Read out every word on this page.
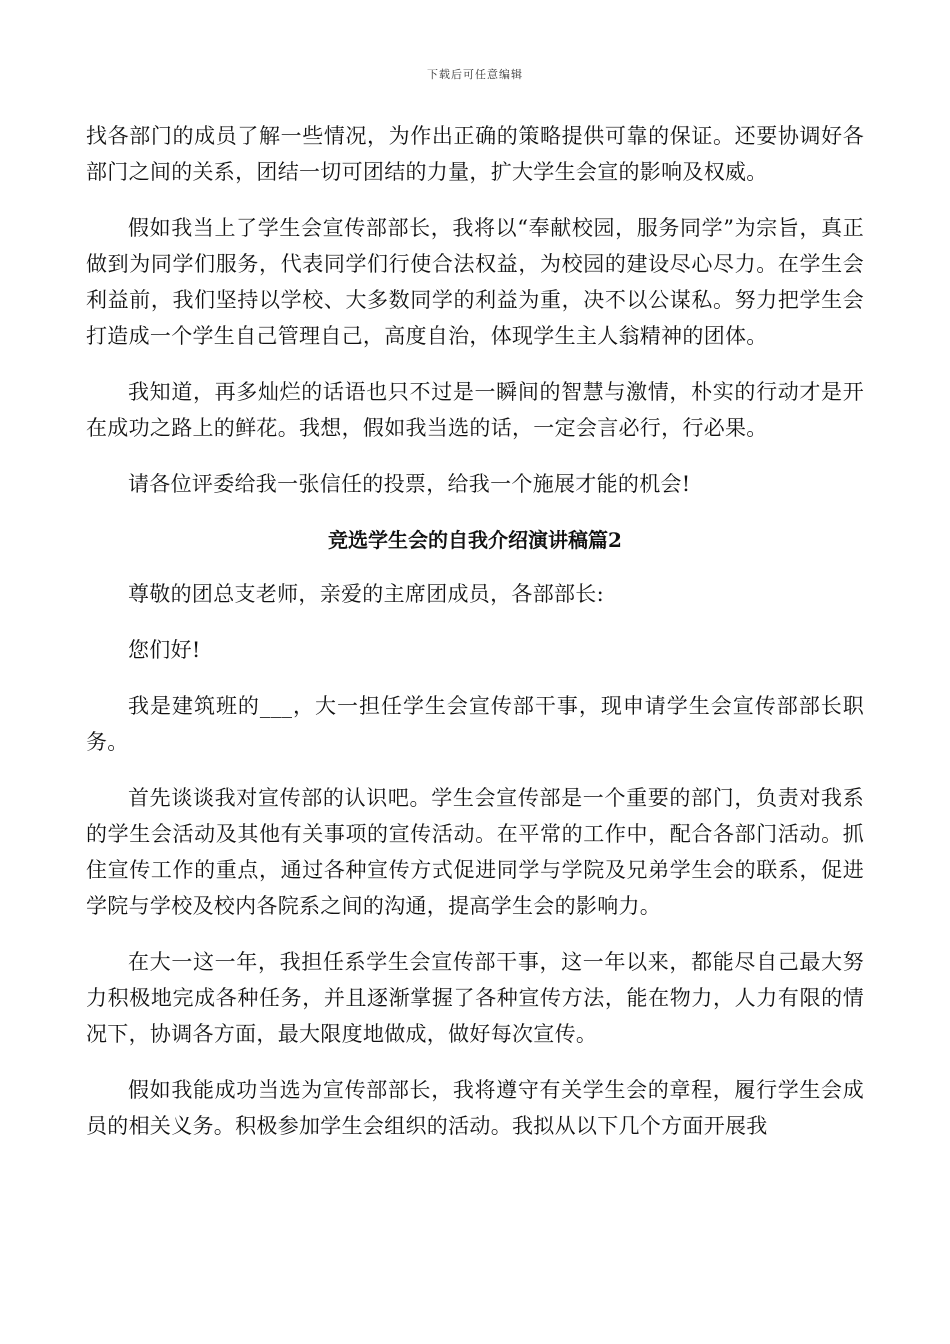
下载后可任意编辑

找各部门的成员了解一些情况，为作出正确的策略提供可靠的保证。还要协调好各部门之间的关系，团结一切可团结的力量，扩大学生会宣的影响及权威。

假如我当上了学生会宣传部部长，我将以“奉献校园，服务同学”为宗旨，真正做到为同学们服务，代表同学们行使合法权益，为校园的建设尽心尽力。在学生会利益前，我们坚持以学校、大多数同学的利益为重，决不以公谋私。努力把学生会打造成一个学生自己管理自己，高度自治，体现学生主人翁精神的团体。

我知道，再多灿烂的话语也只不过是一瞬间的智慧与激情，朴实的行动才是开在成功之路上的鲜花。我想，假如我当选的话，一定会言必行，行必果。

请各位评委给我一张信任的投票，给我一个施展才能的机会!

竞选学生会的自我介绍演讲稿篇2

尊敬的团总支老师，亲爱的主席团成员，各部部长:

您们好!

我是建筑班的___，大一担任学生会宣传部干事，现申请学生会宣传部部长职务。

首先谈谈我对宣传部的认识吧。学生会宣传部是一个重要的部门，负责对我系的学生会活动及其他有关事项的宣传活动。在平常的工作中，配合各部门活动。抓住宣传工作的重点，通过各种宣传方式促进同学与学院及兄弟学生会的联系，促进学院与学校及校内各院系之间的沟通，提高学生会的影响力。

在大一这一年，我担任系学生会宣传部干事，这一年以来，都能尽自己最大努力积极地完成各种任务，并且逐渐掌握了各种宣传方法，能在物力，人力有限的情况下，协调各方面，最大限度地做成，做好每次宣传。

假如我能成功当选为宣传部部长，我将遵守有关学生会的章程，履行学生会成员的相关义务。积极参加学生会组织的活动。我拟从以下几个方面开展我
